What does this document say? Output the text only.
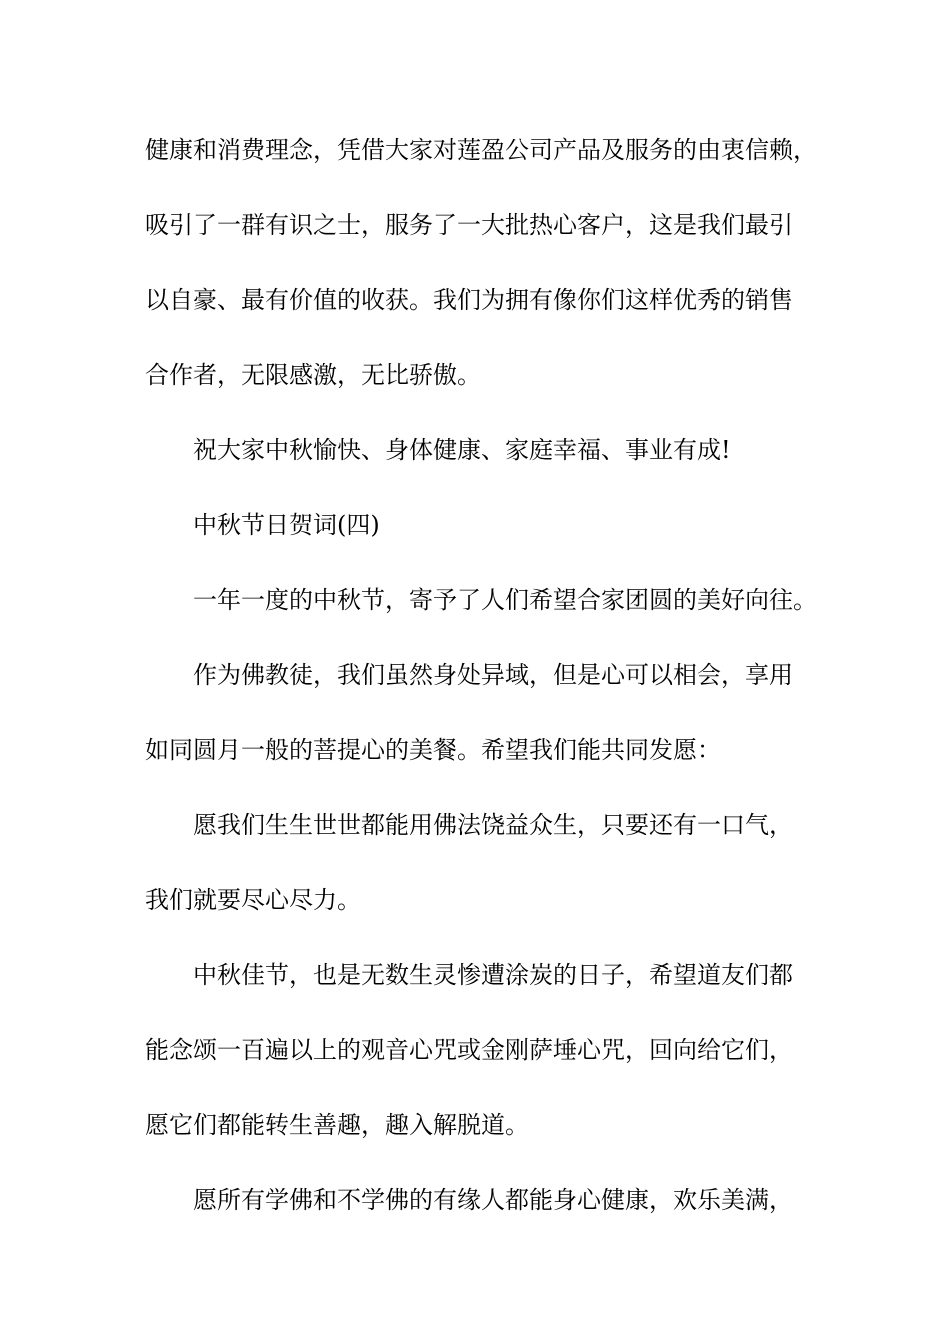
健康和消费理念，凭借大家对莲盈公司产品及服务的由衷信赖，
吸引了一群有识之士，服务了一大批热心客户，这是我们最引
以自豪、最有价值的收获。我们为拥有像你们这样优秀的销售
合作者，无限感激，无比骄傲。
祝大家中秋愉快、身体健康、家庭幸福、事业有成!
中秋节日贺词(四)
一年一度的中秋节，寄予了人们希望合家团圆的美好向往。
作为佛教徒，我们虽然身处异域，但是心可以相会，享用
如同圆月一般的菩提心的美餐。希望我们能共同发愿：
愿我们生生世世都能用佛法饶益众生，只要还有一口气，
我们就要尽心尽力。
中秋佳节，也是无数生灵惨遭涂炭的日子，希望道友们都
能念颂一百遍以上的观音心咒或金刚萨埵心咒，回向给它们，
愿它们都能转生善趣，趣入解脱道。
愿所有学佛和不学佛的有缘人都能身心健康，欢乐美满，
